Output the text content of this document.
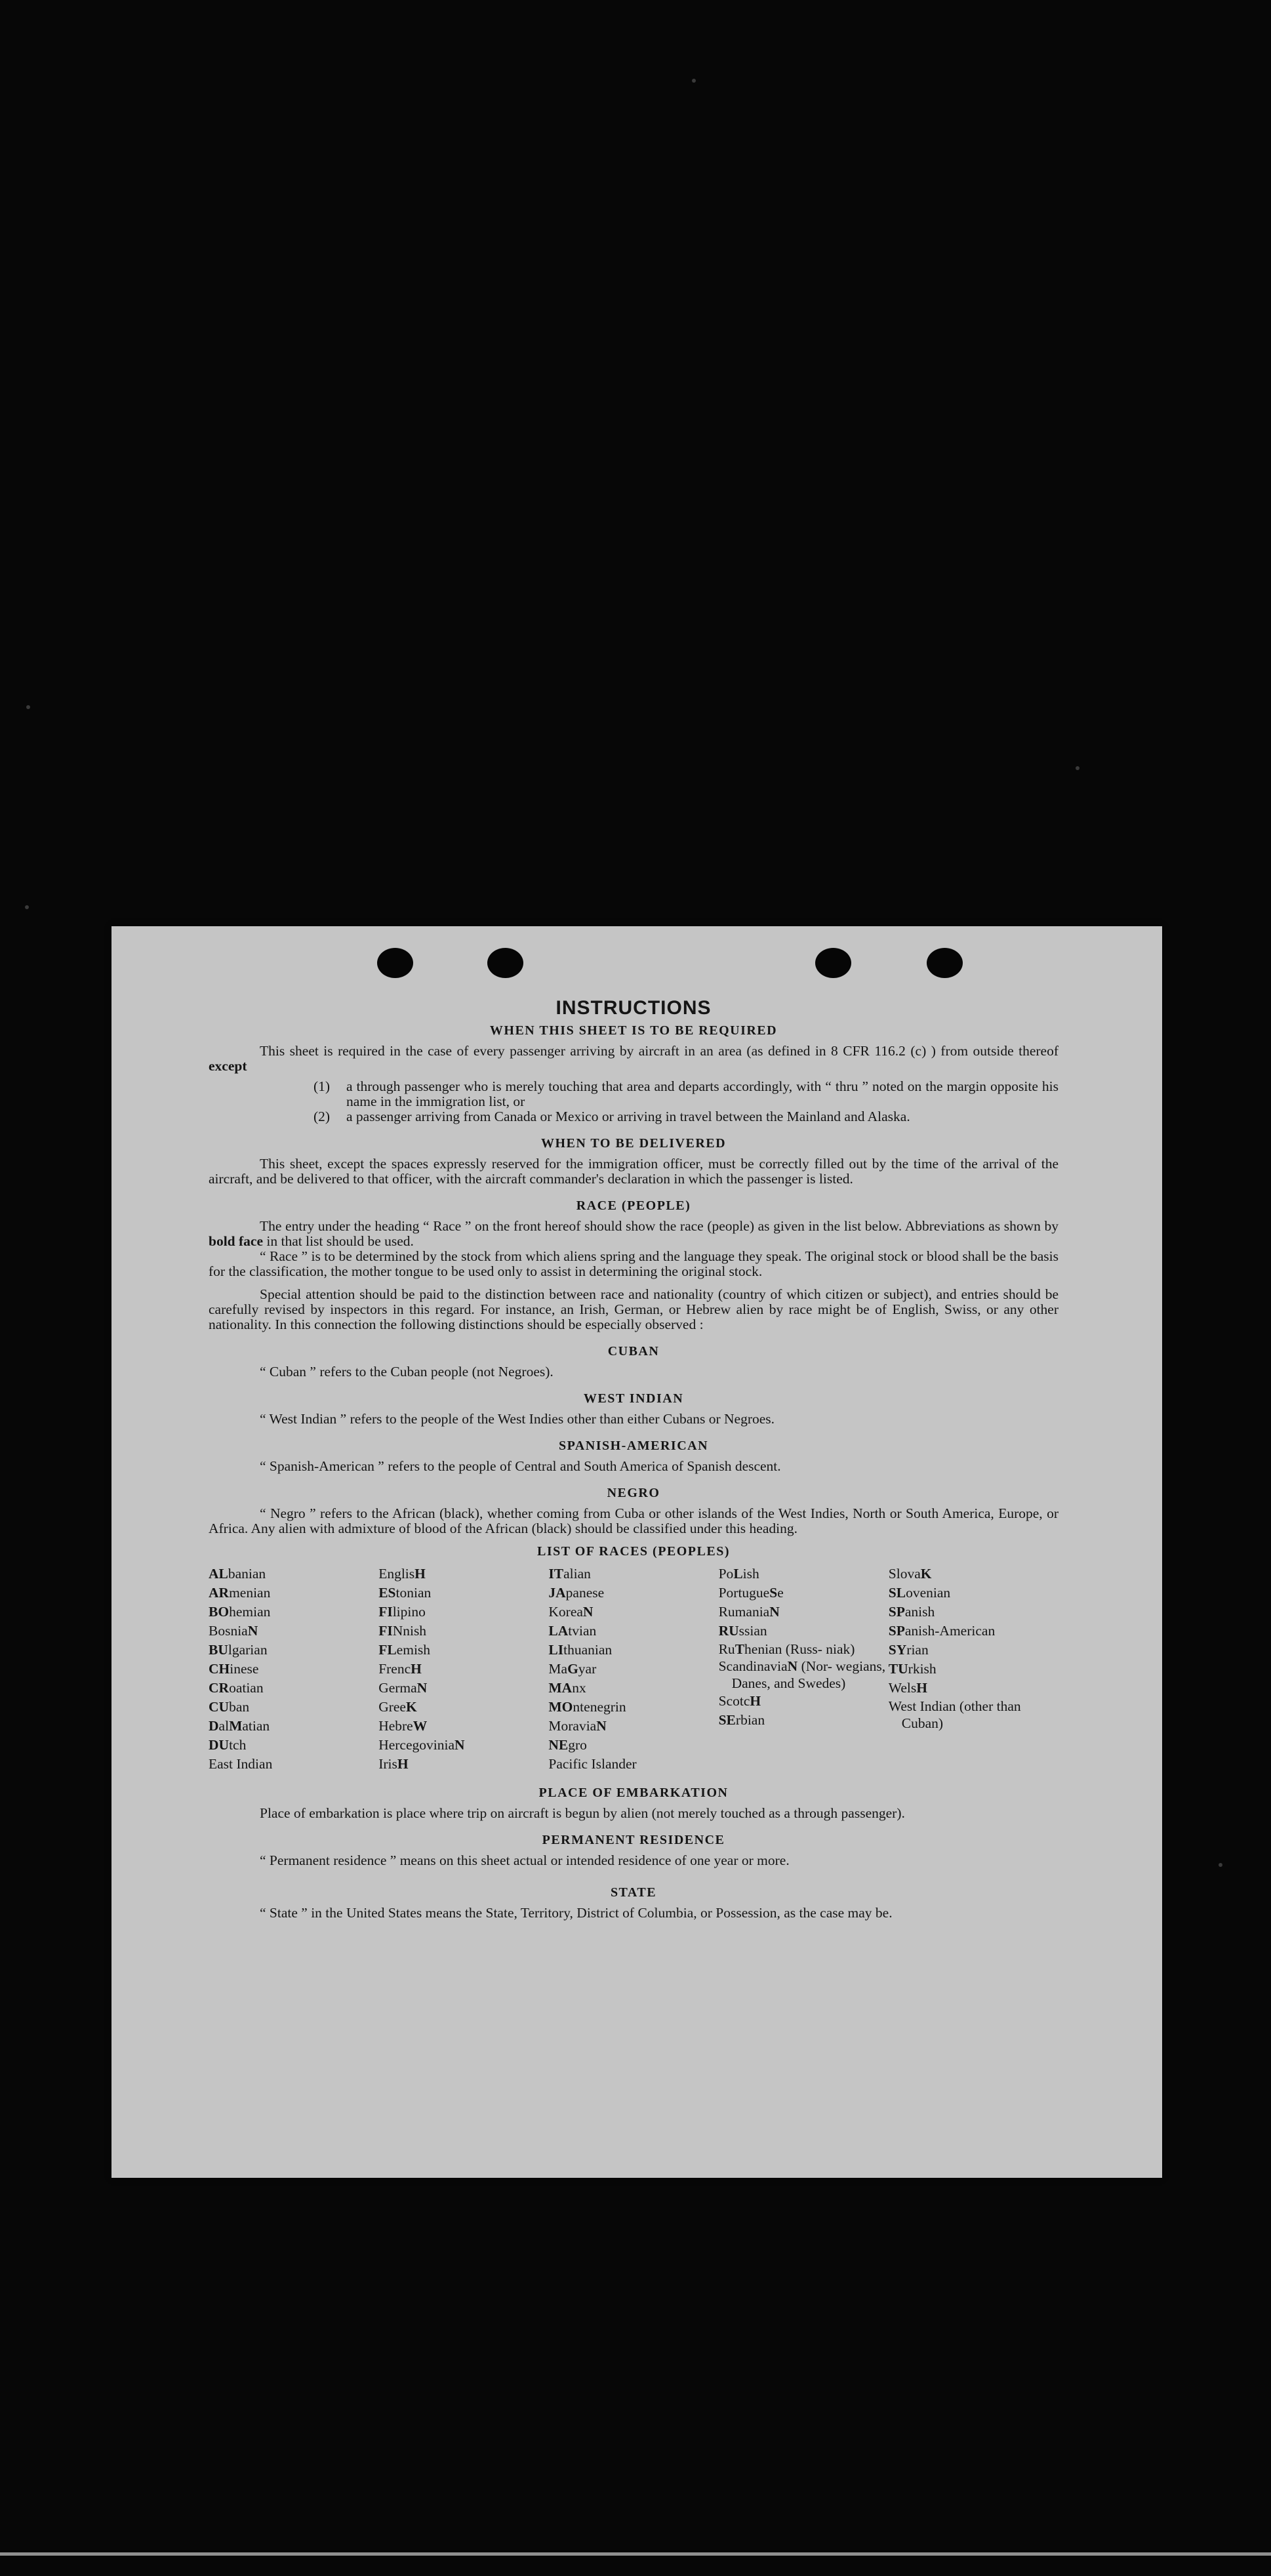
INSTRUCTIONS
WHEN THIS SHEET IS TO BE REQUIRED

This sheet is required in the case of every passenger arriving by aircraft in an area (as defined in 8 CFR 116.2 (c) ) from outside thereof except

(1)	a through passenger who is merely touching that area and departs accordingly, with “ thru ” noted on the margin opposite his name in the immigration list, or
(2)	a passenger arriving from Canada or Mexico or arriving in travel between the Mainland and Alaska.
WHEN TO BE DELIVERED

This sheet, except the spaces expressly reserved for the immigration officer, must be correctly filled out by the time of the arrival of the aircraft, and be delivered to that officer, with the aircraft commander's declaration in which the passenger is listed.

RACE (PEOPLE)

The entry under the heading “ Race ” on the front hereof should show the race (people) as given in the list below. Abbreviations as shown by bold face in that list should be used.

“ Race ” is to be determined by the stock from which aliens spring and the language they speak. The original stock or blood shall be the basis for the classification, the mother tongue to be used only to assist in determining the original stock.

Special attention should be paid to the distinction between race and nationality (country of which citizen or subject), and entries should be carefully revised by inspectors in this regard. For instance, an Irish, German, or Hebrew alien by race might be of English, Swiss, or any other nationality. In this connection the following distinctions should be especially observed :

CUBAN

“ Cuban ” refers to the Cuban people (not Negroes).

WEST INDIAN

“ West Indian ” refers to the people of the West Indies other than either Cubans or Negroes.

SPANISH-AMERICAN

“ Spanish-American ” refers to the people of Central and South America of Spanish descent.

NEGRO

“ Negro ” refers to the African (black), whether coming from Cuba or other islands of the West Indies, North or South America, Europe, or Africa. Any alien with admixture of blood of the African (black) should be classified under this heading.

LIST OF RACES (PEOPLES)
ALbanian
ARmenian
BOhemian
BosniaN
BUlgarian
CHinese
CRoatian
CUban
DalMatian
DUtch
East Indian
EnglisH
EStonian
FIlipino
FINnish
FLemish
FrencH
GermaN
GreeK
HebreW
HercegoviniaN
IrisH
ITalian
JApanese
KoreaN
LAtvian
LIthuanian
MaGyar
MAnx
MOntenegrin
MoraviaN
NEgro
Pacific Islander
PoLish
PortugueSe
RumaniaN
RUssian
RuThenian (Russ- niak)
ScandinaviaN (Nor- wegians, Danes, and Swedes)
ScotcH
SErbian
SlovaK
SLovenian
SPanish
SPanish-American
SYrian
TUrkish
WelsH
West Indian (other than Cuban)
PLACE OF EMBARKATION

Place of embarkation is place where trip on aircraft is begun by alien (not merely touched as a through passenger).

PERMANENT RESIDENCE

“ Permanent residence ” means on this sheet actual or intended residence of one year or more.

STATE

“ State ” in the United States means the State, Territory, District of Columbia, or Possession, as the case may be.
